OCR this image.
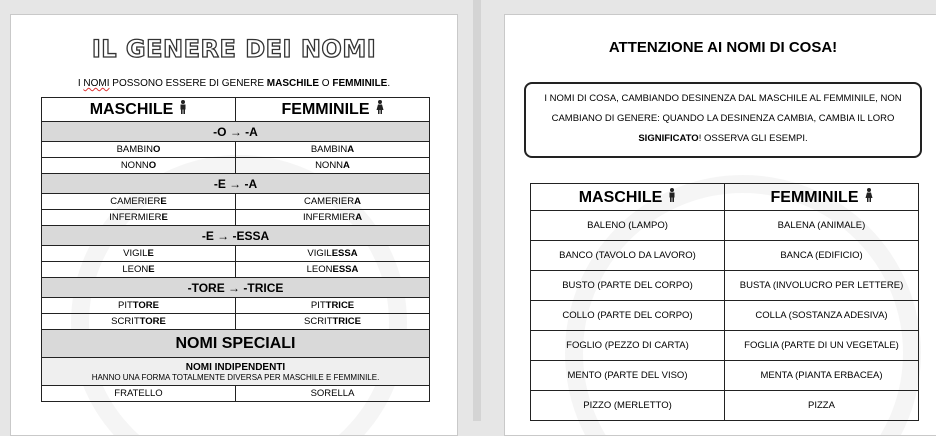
IL GENERE DEI NOMI
I NOMI POSSONO ESSERE DI GENERE MASCHILE O FEMMINILE.
MASCHILE	FEMMINILE
-O → -A	
BAMBINO	BAMBINA
NONNO	NONNA
-E → -A	
CAMERIERE	CAMERIERA
INFERMIERE	INFERMIERA
-E → -ESSA	
VIGILE	VIGILESSA
LEONE	LEONESSA
-TORE → -TRICE	
PITTORE	PITTRICE
SCRITTORE	SCRITTRICE
NOMI SPECIALI	

NOMI INDIPENDENTI
HANNO UNA FORMA TOTALMENTE DIVERSA PER MASCHILE E FEMMINILE.	

FRATELLO	SORELLA
ATTENZIONE AI NOMI DI COSA!
I NOMI DI COSA, CAMBIANDO DESINENZA DAL MASCHILE AL FEMMINILE, NON CAMBIANO DI GENERE: QUANDO LA DESINENZA CAMBIA, CAMBIA IL LORO SIGNIFICATO! OSSERVA GLI ESEMPI.
MASCHILE	FEMMINILE
BALENO (LAMPO)	BALENA (ANIMALE)
BANCO (TAVOLO DA LAVORO)	BANCA (EDIFICIO)
BUSTO (PARTE DEL CORPO)	BUSTA (INVOLUCRO PER LETTERE)
COLLO (PARTE DEL CORPO)	COLLA (SOSTANZA ADESIVA)
FOGLIO (PEZZO DI CARTA)	FOGLIA (PARTE DI UN VEGETALE)
MENTO (PARTE DEL VISO)	MENTA (PIANTA ERBACEA)
PIZZO (MERLETTO)	PIZZA
